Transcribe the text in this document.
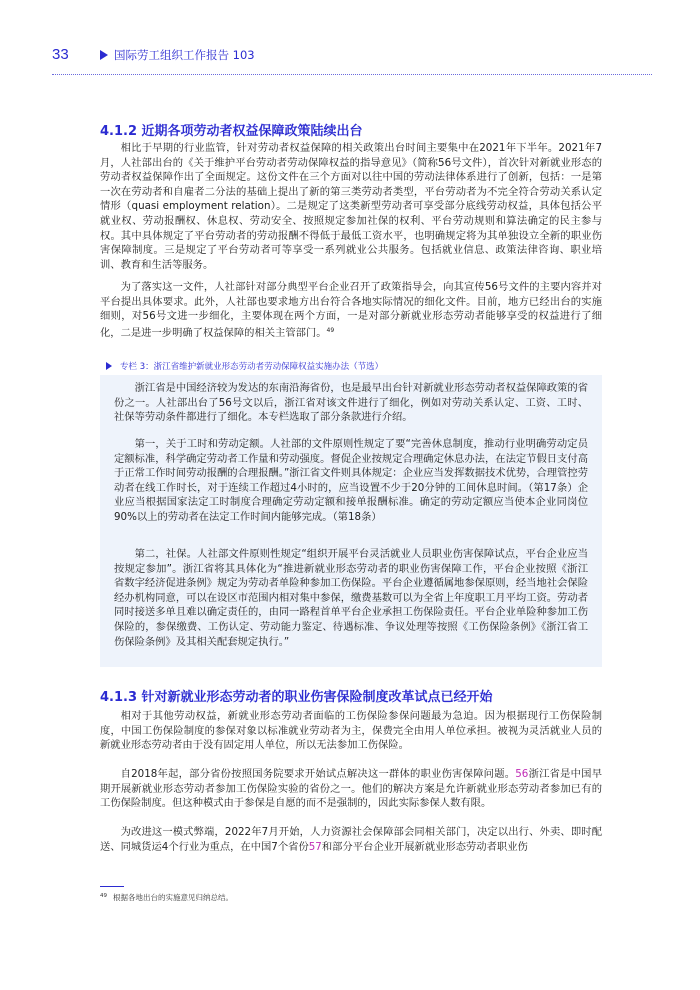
33	国际劳工组织工作报告 103
4.1.2 近期各项劳动者权益保障政策陆续出台

相比于早期的行业监管，针对劳动者权益保障的相关政策出台时间主要集中在2021年下半年。2021年7月，人社部出台的《关于维护平台劳动者劳动保障权益的指导意见》（简称56号文件），首次针对新就业形态的劳动者权益保障作出了全面规定。这份文件在三个方面对以往中国的劳动法律体系进行了创新，包括：一是第一次在劳动者和自雇者二分法的基础上提出了新的第三类劳动者类型，平台劳动者为不完全符合劳动关系认定情形（quasi employment relation）。二是规定了这类新型劳动者可享受部分底线劳动权益，具体包括公平就业权、劳动报酬权、休息权、劳动安全、按照规定参加社保的权利、平台劳动规则和算法确定的民主参与权。其中具体规定了平台劳动者的劳动报酬不得低于最低工资水平，也明确规定将为其单独设立全新的职业伤害保障制度。三是规定了平台劳动者可等享受一系列就业公共服务。包括就业信息、政策法律咨询、职业培训、教育和生活等服务。

为了落实这一文件，人社部针对部分典型平台企业召开了政策指导会，向其宣传56号文件的主要内容并对平台提出具体要求。此外，人社部也要求地方出台符合各地实际情况的细化文件。目前，地方已经出台的实施细则，对56号文进一步细化，主要体现在两个方面，一是对部分新就业形态劳动者能够享受的权益进行了细化，二是进一步明确了权益保障的相关主管部门。$^{49}$

专栏 3：浙江省维护新就业形态劳动者劳动保障权益实施办法（节选）

浙江省是中国经济较为发达的东南沿海省份，也是最早出台针对新就业形态劳动者权益保障政策的省份之一。人社部出台了56号文以后，浙江省对该文件进行了细化，例如对劳动关系认定、工资、工时、社保等劳动条件都进行了细化。本专栏选取了部分条款进行介绍。

第一，关于工时和劳动定额。人社部的文件原则性规定了要“完善休息制度，推动行业明确劳动定员定额标准，科学确定劳动者工作量和劳动强度。督促企业按规定合理确定休息办法，在法定节假日支付高于正常工作时间劳动报酬的合理报酬。”浙江省文件则具体规定：企业应当发挥数据技术优势，合理管控劳动者在线工作时长，对于连续工作超过4小时的，应当设置不少于20分钟的工间休息时间。（第17条）企业应当根据国家法定工时制度合理确定劳动定额和接单报酬标准。确定的劳动定额应当使本企业同岗位90%以上的劳动者在法定工作时间内能够完成。（第18条）

第二，社保。人社部文件原则性规定“组织开展平台灵活就业人员职业伤害保障试点，平台企业应当按规定参加”。浙江省将其具体化为“推进新就业形态劳动者的职业伤害保障工作，平台企业按照《浙江省数字经济促进条例》规定为劳动者单险种参加工伤保险。平台企业遵循属地参保原则，经当地社会保险经办机构同意，可以在设区市范围内相对集中参保，缴费基数可以为全省上年度职工月平均工资。劳动者同时接送多单且难以确定责任的，由同一路程首单平台企业承担工伤保险责任。平台企业单险种参加工伤保险的，参保缴费、工伤认定、劳动能力鉴定、待遇标准、争议处理等按照《工伤保险条例》《浙江省工伤保险条例》及其相关配套规定执行。”

4.1.3 针对新就业形态劳动者的职业伤害保险制度改革试点已经开始

相对于其他劳动权益，新就业形态劳动者面临的工伤保险参保问题最为急迫。因为根据现行工伤保险制度，中国工伤保险制度的参保对象以标准就业劳动者为主，保费完全由用人单位承担。被视为灵活就业人员的新就业形态劳动者由于没有固定用人单位，所以无法参加工伤保险。

自2018年起，部分省份按照国务院要求开始试点解决这一群体的职业伤害保障问题。56浙江省是中国早期开展新就业形态劳动者参加工伤保险实验的省份之一。他们的解决方案是允许新就业形态劳动者参加已有的工伤保险制度。但这种模式由于参保是自愿的而不是强制的，因此实际参保人数有限。

为改进这一模式弊端，2022年7月开始，人力资源社会保障部会同相关部门，决定以出行、外卖、即时配送、同城货运4个行业为重点，在中国7个省份57和部分平台企业开展新就业形态劳动者职业伤

$^{49}$ 根据各地出台的实施意见归纳总结。
